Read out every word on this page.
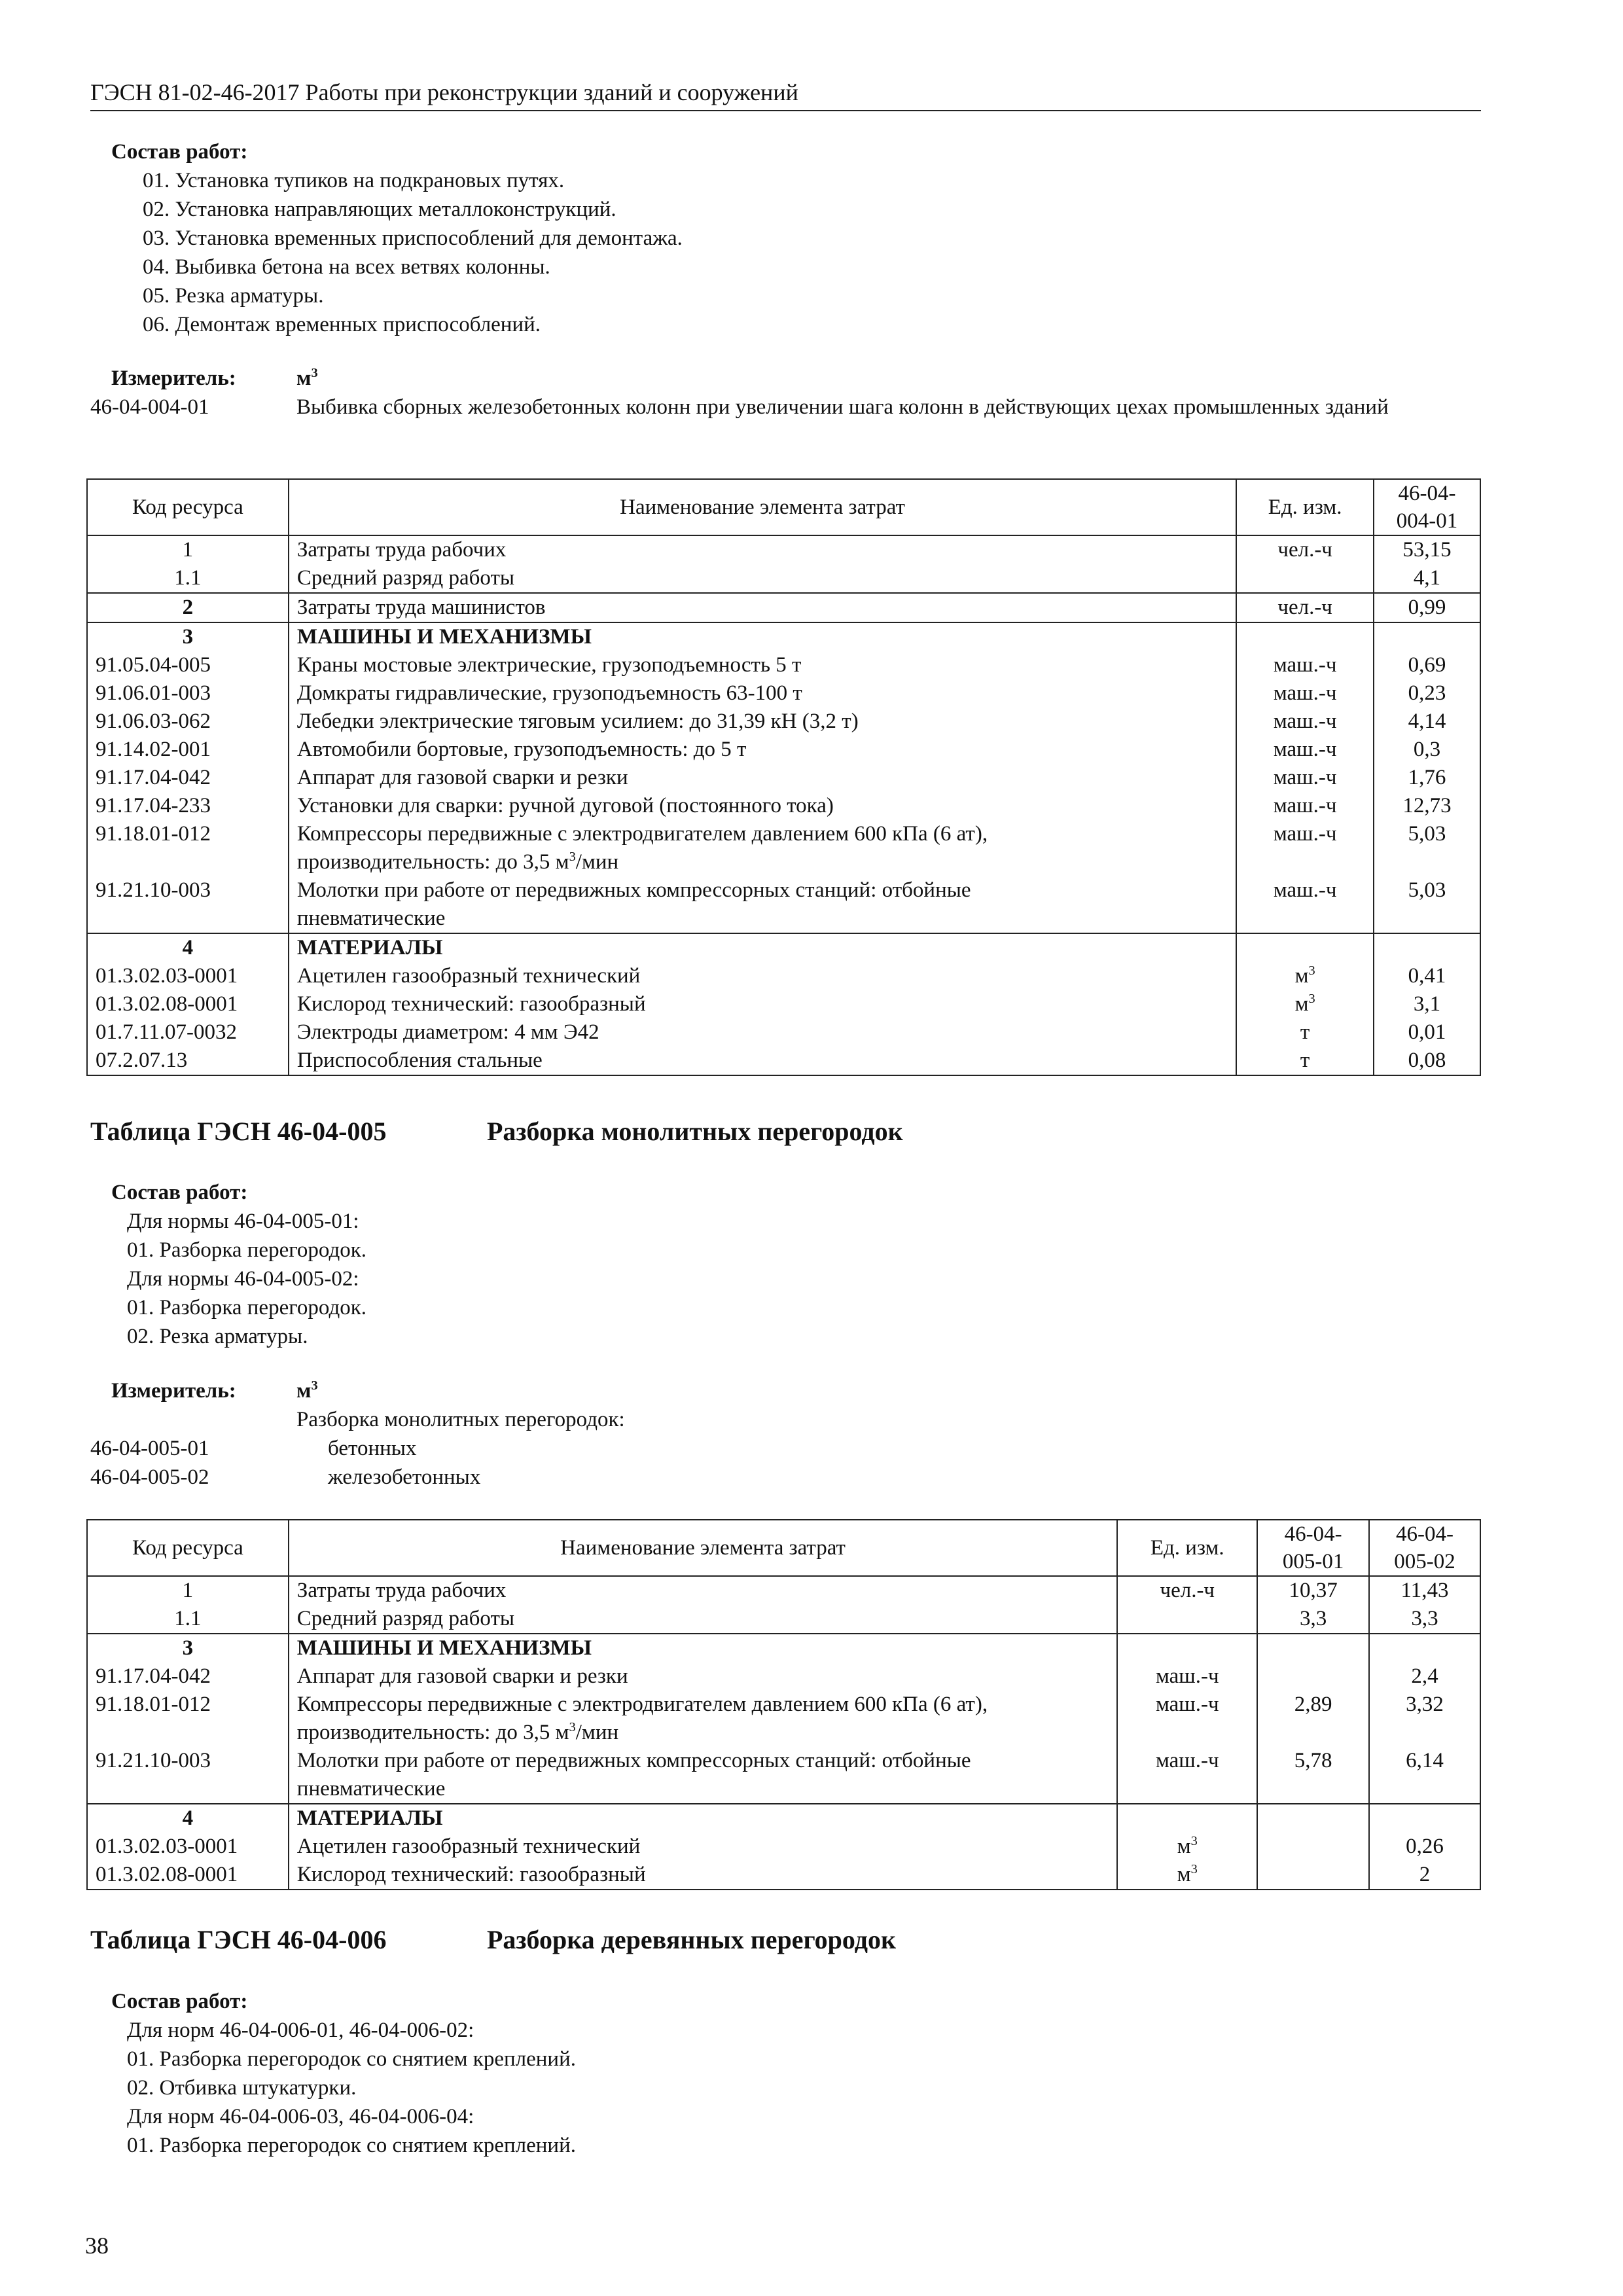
ГЭСН 81-02-46-2017 Работы при реконструкции зданий и сооружений
Состав работ:
01. Установка тупиков на подкрановых путях.
02. Установка направляющих металлоконструкций.
03. Установка временных приспособлений для демонтажа.
04. Выбивка бетона на всех ветвях колонны.
05. Резка арматуры.
06. Демонтаж временных приспособлений.
Измеритель:	$м^3$
46-04-004-01	Выбивка сборных железобетонных колонн при увеличении шага колонн в действующих цехах промышленных зданий
Код ресурса	Наименование элемента затрат	Ед. изм.	46-04-
004-01
1	Затраты труда рабочих	чел.-ч	53,15
1.1	Средний разряд работы		4,1
2	Затраты труда машинистов	чел.-ч	0,99
3	МАШИНЫ И МЕХАНИЗМЫ		
91.05.04-005	Краны мостовые электрические, грузоподъемность 5 т	маш.-ч	0,69
91.06.01-003	Домкраты гидравлические, грузоподъемность 63-100 т	маш.-ч	0,23
91.06.03-062	Лебедки электрические тяговым усилием: до 31,39 кН (3,2 т)	маш.-ч	4,14
91.14.02-001	Автомобили бортовые, грузоподъемность: до 5 т	маш.-ч	0,3
91.17.04-042	Аппарат для газовой сварки и резки	маш.-ч	1,76
91.17.04-233	Установки для сварки: ручной дуговой (постоянного тока)	маш.-ч	12,73
91.18.01-012	Компрессоры передвижные с электродвигателем давлением 600 кПа (6 ат),
производительность: до 3,5 $м^3$/мин	маш.-ч	5,03
91.21.10-003	Молотки при работе от передвижных компрессорных станций: отбойные
пневматические	маш.-ч	5,03
4	МАТЕРИАЛЫ		
01.3.02.03-0001	Ацетилен газообразный технический	$м^3$	0,41
01.3.02.08-0001	Кислород технический: газообразный	$м^3$	3,1
01.7.11.07-0032	Электроды диаметром: 4 мм Э42	т	0,01
07.2.07.13	Приспособления стальные	т	0,08
Таблица ГЭСН 46-04-005	Разборка монолитных перегородок
Состав работ:
Для нормы 46-04-005-01:
01. Разборка перегородок.
Для нормы 46-04-005-02:
01. Разборка перегородок.
02. Резка арматуры.
Измеритель:	$м^3$
Разборка монолитных перегородок:
46-04-005-01	бетонных
46-04-005-02	железобетонных
Код ресурса	Наименование элемента затрат	Ед. изм.	46-04-
005-01	46-04-
005-02
1	Затраты труда рабочих	чел.-ч	10,37	11,43
1.1	Средний разряд работы		3,3	3,3
3	МАШИНЫ И МЕХАНИЗМЫ			
91.17.04-042	Аппарат для газовой сварки и резки	маш.-ч		2,4
91.18.01-012	Компрессоры передвижные с электродвигателем давлением 600 кПа (6 ат),
производительность: до 3,5 $м^3$/мин	маш.-ч	2,89	3,32
91.21.10-003	Молотки при работе от передвижных компрессорных станций: отбойные
пневматические	маш.-ч	5,78	6,14
4	МАТЕРИАЛЫ			
01.3.02.03-0001	Ацетилен газообразный технический	$м^3$		0,26
01.3.02.08-0001	Кислород технический: газообразный	$м^3$		2
Таблица ГЭСН 46-04-006	Разборка деревянных перегородок
Состав работ:
Для норм 46-04-006-01, 46-04-006-02:
01. Разборка перегородок со снятием креплений.
02. Отбивка штукатурки.
Для норм 46-04-006-03, 46-04-006-04:
01. Разборка перегородок со снятием креплений.
38
